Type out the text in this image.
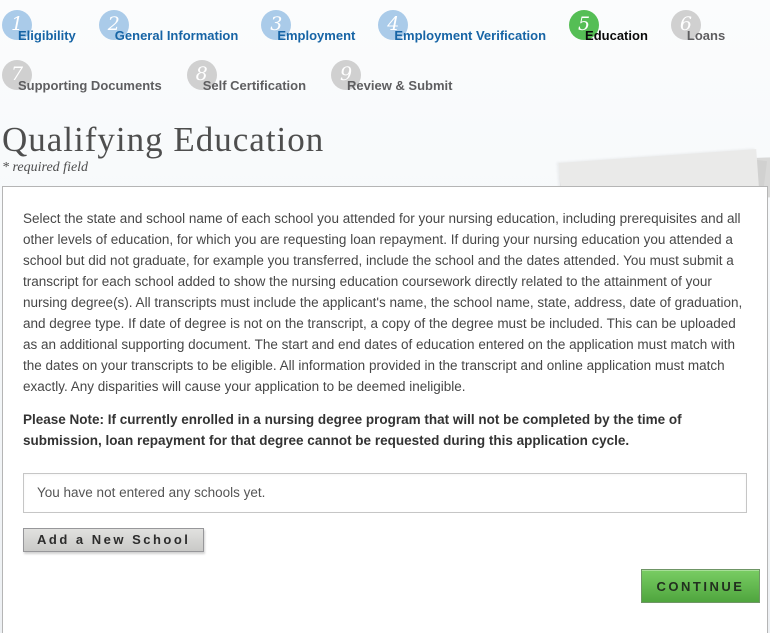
1
Eligibility
2
General Information
3
Employment
4
Employment Verification
5
Education
6
Loans
7
Supporting Documents
8
Self Certification
9
Review & Submit
Qualifying Education
* required field

Select the state and school name of each school you attended for your nursing education, including prerequisites and all other levels of education, for which you are requesting loan repayment. If during your nursing education you attended a school but did not graduate, for example you transferred, include the school and the dates attended. You must submit a transcript for each school added to show the nursing education coursework directly related to the attainment of your nursing degree(s). All transcripts must include the applicant's name, the school name, state, address, date of graduation, and degree type. If date of degree is not on the transcript, a copy of the degree must be included. This can be uploaded as an additional supporting document. The start and end dates of education entered on the application must match with the dates on your transcripts to be eligible. All information provided in the transcript and online application must match exactly. Any disparities will cause your application to be deemed ineligible.

Please Note: If currently enrolled in a nursing degree program that will not be completed by the time of submission, loan repayment for that degree cannot be requested during this application cycle.

You have not entered any schools yet.
Add a New School
CONTINUE
